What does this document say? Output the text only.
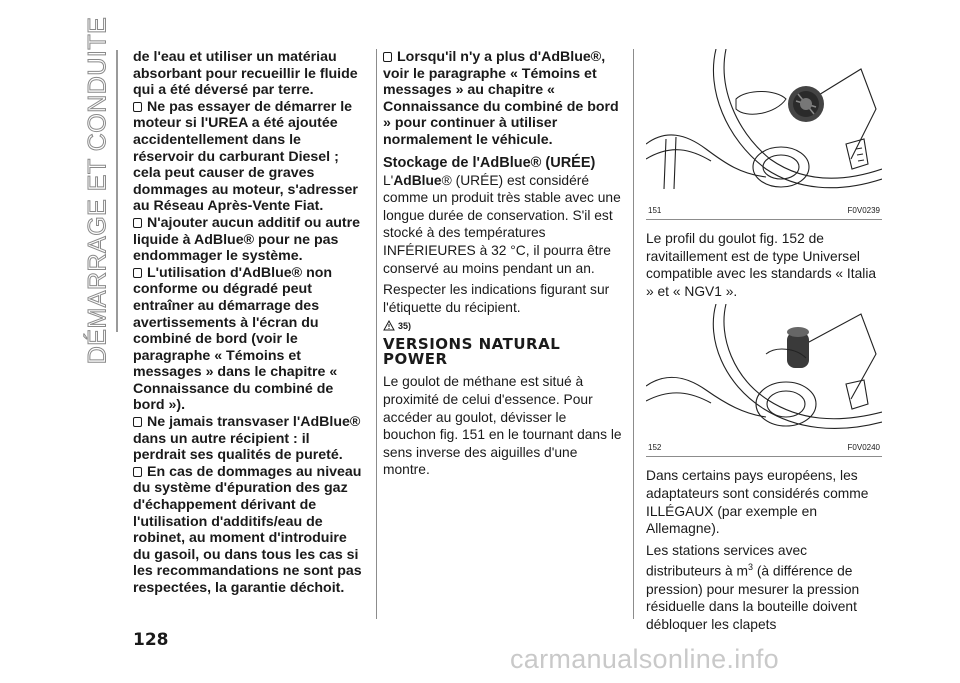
DÉMARRAGE ET CONDUITE de l'eau et utiliser un matériau absorbant pour recueillir le fluide qui a été déversé par terre.

Ne pas essayer de démarrer le moteur si l'UREA a été ajoutée accidentellement dans le réservoir du carburant Diesel ; cela peut causer de graves dommages au moteur, s'adresser au Réseau Après-Vente Fiat.

N'ajouter aucun additif ou autre liquide à AdBlue® pour ne pas endommager le système.

L'utilisation d'AdBlue® non conforme ou dégradé peut entraîner au démarrage des avertissements à l'écran du combiné de bord (voir le paragraphe « Témoins et messages » dans le chapitre « Connaissance du combiné de bord »).

Ne jamais transvaser l'AdBlue® dans un autre récipient : il perdrait ses qualités de pureté.

En cas de dommages au niveau du système d'épuration des gaz d'échappement dérivant de l'utilisation d'additifs/eau de robinet, au moment d'introduire du gasoil, ou dans tous les cas si les recommandations ne sont pas respectées, la garantie déchoit.

Lorsqu'il n'y a plus d'AdBlue®, voir le paragraphe « Témoins et messages » au chapitre « Connaissance du combiné de bord » pour continuer à utiliser normalement le véhicule.

Stockage de l'AdBlue® (URÉE)

L'AdBlue® (URÉE) est considéré comme un produit très stable avec une longue durée de conservation. S'il est stocké à des températures INFÉRIEURES à 32 °C, il pourra être conservé au moins pendant un an.

Respecter les indications figurant sur l'étiquette du récipient.

35)

VERSIONS NATURAL POWER

Le goulot de méthane est situé à proximité de celui d'essence. Pour accéder au goulot, dévisser le bouchon fig. 151 en le tournant dans le sens inverse des aiguilles d'une montre.

151	F0V0239

Le profil du goulot fig. 152 de ravitaillement est de type Universel compatible avec les standards « Italia » et « NGV1 ».

152	F0V0240

Dans certains pays européens, les adaptateurs sont considérés comme ILLÉGAUX (par exemple en Allemagne).

Les stations services avec distributeurs à $m^3$ (à différence de pression) pour mesurer la pression résiduelle dans la bouteille doivent débloquer les clapets

128
carmanualsonline.info
